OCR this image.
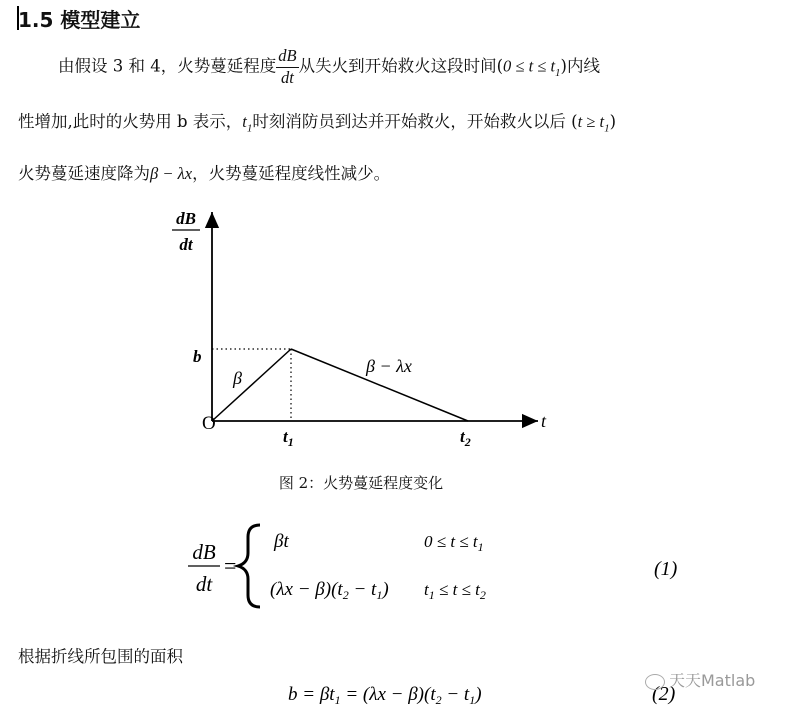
1.5 模型建立
由假设 3 和 4，火势蔓延程度 $\frac{dB}{dt}$ 从失火到开始救火这段时间$(0 \le t \le t_1)$内线
性增加,此时的火势用 b 表示，$t_1$时刻消防员到达并开始救火，开始救火以后 $(t \ge t_1)$
火势蔓延速度降为β − λx，火势蔓延程度线性减少。
dB
dt
b
O	t
$t_1$	$t_2$
β
β − λx
图 2：火势蔓延程度变化
dB
dt
=
βt	$0 \le t \le t_1$
$(\lambda x - \beta)(t_2 - t_1)$ $t_1 \le t \le t_2$
(1)
根据折线所包围的面积
$b = \beta t_1 = (\lambda x - \beta)(t_2 - t_1)$	(2)
天天Matlab
